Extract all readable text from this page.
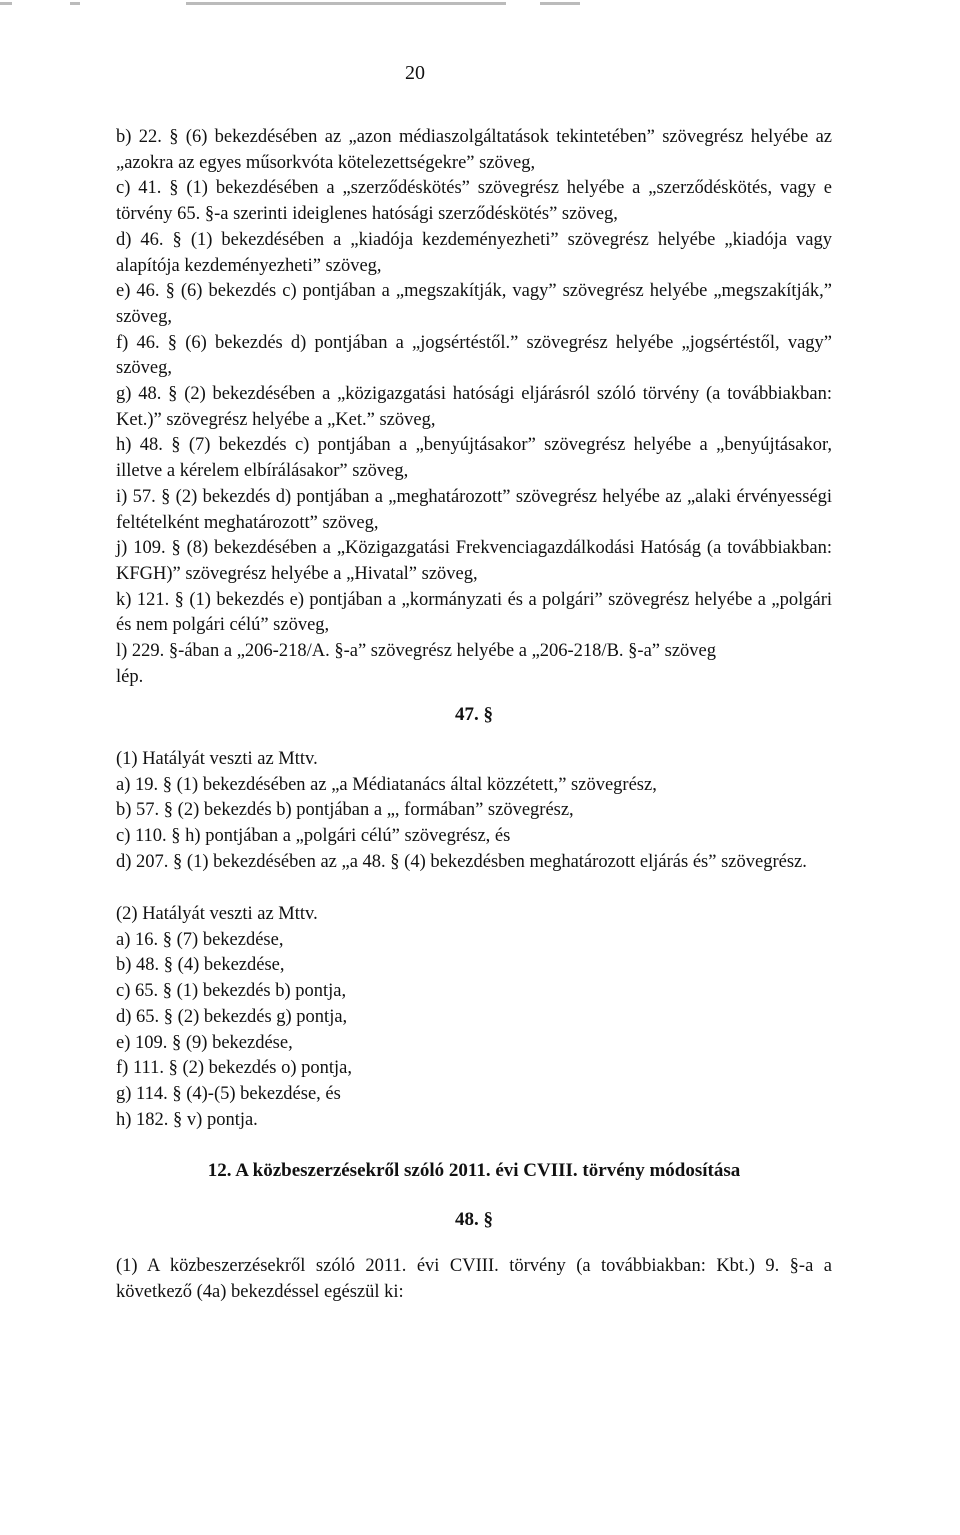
20
b) 22. § (6) bekezdésében az „azon médiaszolgáltatások tekintetében” szövegrész helyébe az „azokra az egyes műsorkvóta kötelezettségekre” szöveg,
c) 41. § (1) bekezdésében a „szerződéskötés” szövegrész helyébe a „szerződéskötés, vagy e törvény 65. §-a szerinti ideiglenes hatósági szerződéskötés” szöveg,
d) 46. § (1) bekezdésében a „kiadója kezdeményezheti” szövegrész helyébe „kiadója vagy alapítója kezdeményezheti” szöveg,
e) 46. § (6) bekezdés c) pontjában a „megszakítják, vagy” szövegrész helyébe „megszakítják,” szöveg,
f) 46. § (6) bekezdés d) pontjában a „jogsértéstől.” szövegrész helyébe „jogsértéstől, vagy” szöveg,
g) 48. § (2) bekezdésében a „közigazgatási hatósági eljárásról szóló törvény (a továbbiakban: Ket.)” szövegrész helyébe a „Ket.” szöveg,
h) 48. § (7) bekezdés c) pontjában a „benyújtásakor” szövegrész helyébe a „benyújtásakor, illetve a kérelem elbírálásakor” szöveg,
i) 57. § (2) bekezdés d) pontjában a „meghatározott” szövegrész helyébe az „alaki érvényességi feltételként meghatározott” szöveg,
j) 109. § (8) bekezdésében a „Közigazgatási Frekvenciagazdálkodási Hatóság (a továbbiakban: KFGH)” szövegrész helyébe a „Hivatal” szöveg,
k) 121. § (1) bekezdés e) pontjában a „kormányzati és a polgári” szövegrész helyébe a „polgári és nem polgári célú” szöveg,
l) 229. §-ában a „206-218/A. §-a” szövegrész helyébe a „206-218/B. §-a” szöveg
lép.
47. §
(1) Hatályát veszti az Mttv.
a) 19. § (1) bekezdésében az „a Médiatanács által közzétett,” szövegrész,
b) 57. § (2) bekezdés b) pontjában a „, formában” szövegrész,
c) 110. § h) pontjában a „polgári célú” szövegrész, és
d) 207. § (1) bekezdésében az „a 48. § (4) bekezdésben meghatározott eljárás és” szövegrész.
(2) Hatályát veszti az Mttv.
a) 16. § (7) bekezdése,
b) 48. § (4) bekezdése,
c) 65. § (1) bekezdés b) pontja,
d) 65. § (2) bekezdés g) pontja,
e) 109. § (9) bekezdése,
f) 111. § (2) bekezdés o) pontja,
g) 114. § (4)-(5) bekezdése, és
h) 182. § v) pontja.
12. A közbeszerzésekről szóló 2011. évi CVIII. törvény módosítása
48. §
(1) A közbeszerzésekről szóló 2011. évi CVIII. törvény (a továbbiakban: Kbt.) 9. §-a a következő (4a) bekezdéssel egészül ki:
